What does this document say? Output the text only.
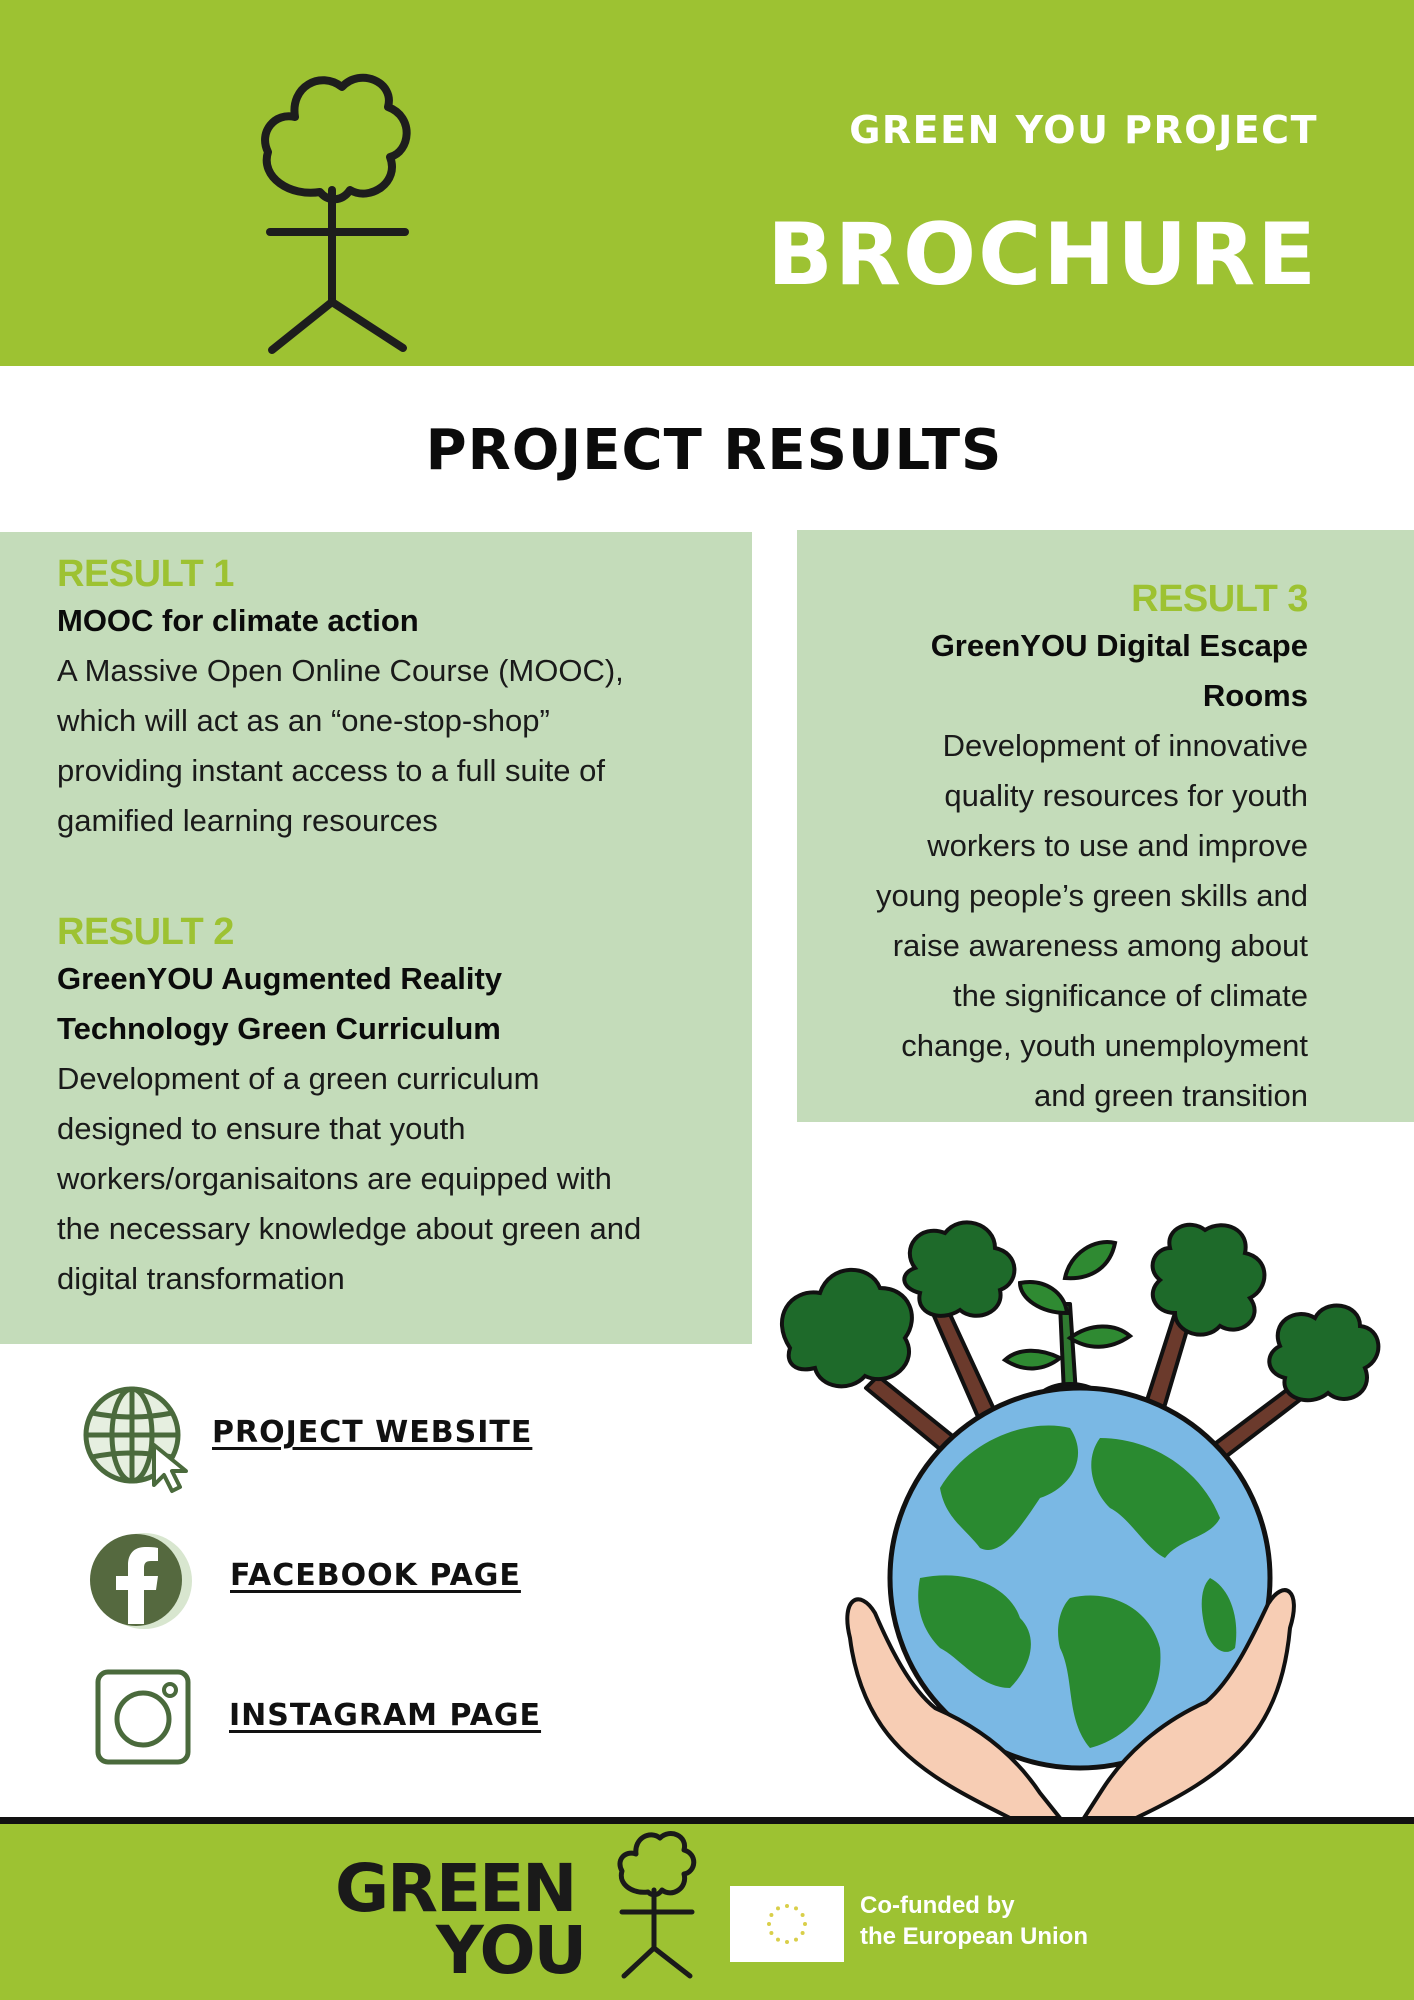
GREEN YOU PROJECT
BROCHURE
PROJECT RESULTS
RESULT 1
MOOC for climate action
A Massive Open Online Course (MOOC),
which will act as an “one-stop-shop”
providing instant access to a full suite of
gamified learning resources
RESULT 2
GreenYOU Augmented Reality
Technology Green Curriculum
Development of a green curriculum
designed to ensure that youth
workers/organisaitons are equipped with
the necessary knowledge about green and
digital transformation
RESULT 3
GreenYOU Digital Escape Rooms
Development of innovative
quality resources for youth
workers to use and improve
young people’s green skills and
raise awareness among about
the significance of climate
change, youth unemployment
and green transition
PROJECT WEBSITE
FACEBOOK PAGE
INSTAGRAM PAGE
GREEN
YOU
Co-funded by
the European Union
